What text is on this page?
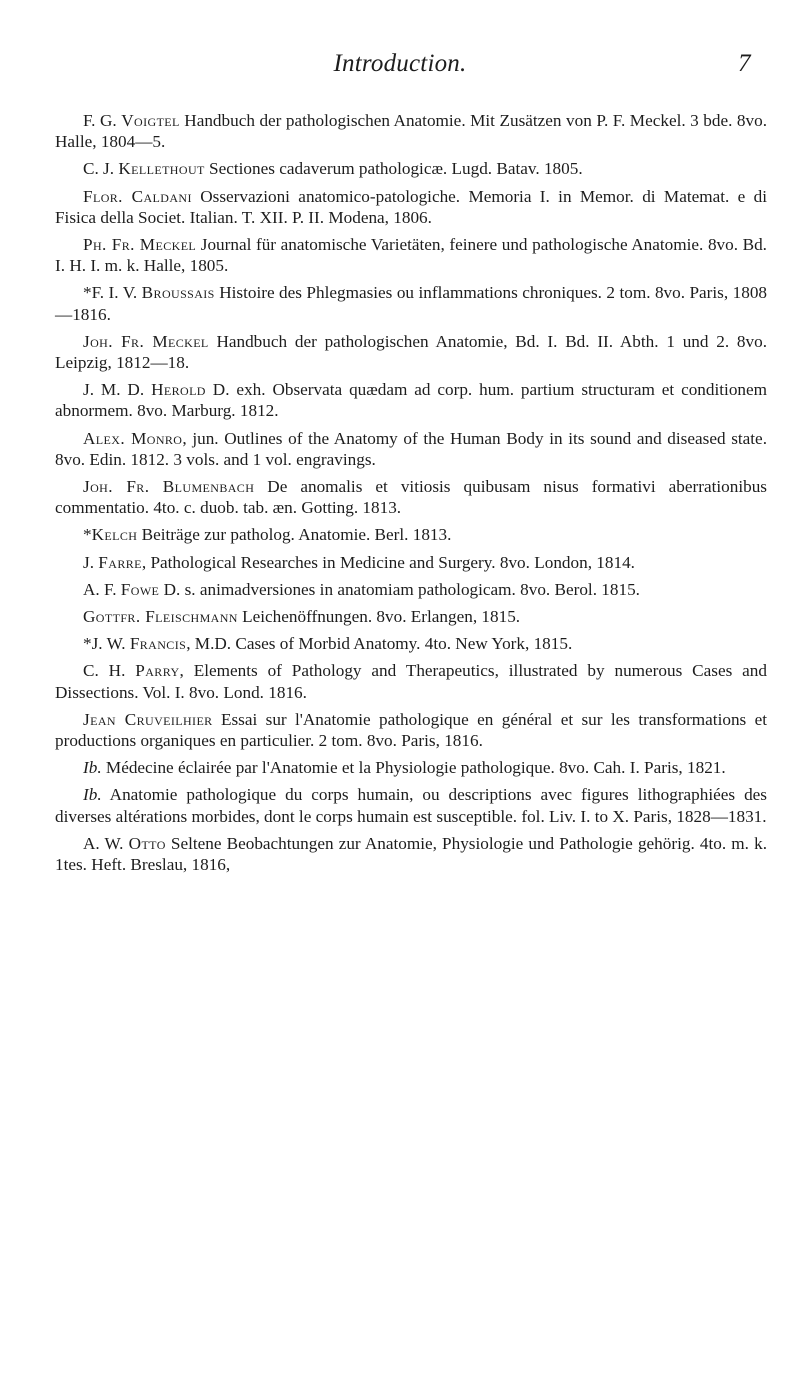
Introduction.	7

F. G. Voigtel Handbuch der pathologischen Anatomie. Mit Zusätzen von P. F. Meckel. 3 bde. 8vo. Halle, 1804—5.

C. J. Kellethout Sectiones cadaverum pathologicæ. Lugd. Batav. 1805.

Flor. Caldani Osservazioni anatomico-patologiche. Memoria I. in Memor. di Matemat. e di Fisica della Societ. Italian. T. XII. P. II. Modena, 1806.

Ph. Fr. Meckel Journal für anatomische Varietäten, feinere und pathologische Anatomie. 8vo. Bd. I. H. I. m. k. Halle, 1805.

*F. I. V. Broussais Histoire des Phlegmasies ou inflammations chroniques. 2 tom. 8vo. Paris, 1808—1816.

Joh. Fr. Meckel Handbuch der pathologischen Anatomie, Bd. I. Bd. II. Abth. 1 und 2. 8vo. Leipzig, 1812—18.

J. M. D. Herold D. exh. Observata quædam ad corp. hum. partium structuram et conditionem abnormem. 8vo. Marburg. 1812.

Alex. Monro, jun. Outlines of the Anatomy of the Human Body in its sound and diseased state. 8vo. Edin. 1812. 3 vols. and 1 vol. engravings.

Joh. Fr. Blumenbach De anomalis et vitiosis quibusam nisus formativi aberrationibus commentatio. 4to. c. duob. tab. æn. Gotting. 1813.

*Kelch Beiträge zur patholog. Anatomie. Berl. 1813.

J. Farre, Pathological Researches in Medicine and Surgery. 8vo. London, 1814.

A. F. Fowe D. s. animadversiones in anatomiam pathologicam. 8vo. Berol. 1815.

Gottfr. Fleischmann Leichenöffnungen. 8vo. Erlangen, 1815.

*J. W. Francis, M.D. Cases of Morbid Anatomy. 4to. New York, 1815.

C. H. Parry, Elements of Pathology and Therapeutics, illustrated by numerous Cases and Dissections. Vol. I. 8vo. Lond. 1816.

Jean Cruveilhier Essai sur l'Anatomie pathologique en général et sur les transformations et productions organiques en particulier. 2 tom. 8vo. Paris, 1816.

Ib. Médecine éclairée par l'Anatomie et la Physiologie pathologique. 8vo. Cah. I. Paris, 1821.

Ib. Anatomie pathologique du corps humain, ou descriptions avec figures lithographiées des diverses altérations morbides, dont le corps humain est susceptible. fol. Liv. I. to X. Paris, 1828—1831.

A. W. Otto Seltene Beobachtungen zur Anatomie, Physiologie und Pathologie gehörig. 4to. m. k. 1tes. Heft. Breslau, 1816,
